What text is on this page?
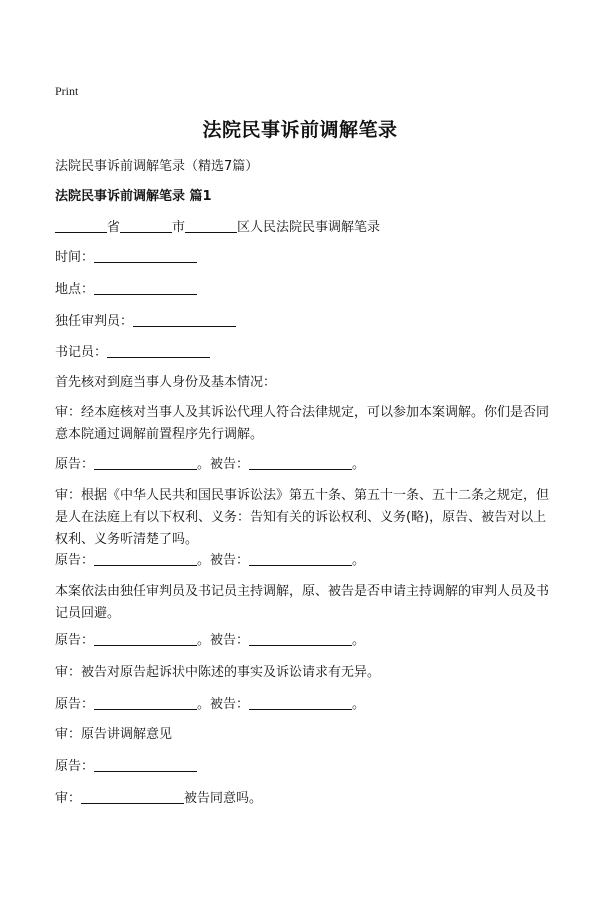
Print
法院民事诉前调解笔录
法院民事诉前调解笔录（精选7篇）
法院民事诉前调解笔录 篇1
省	市	区人民法院民事调解笔录
时间：
地点：
独任审判员：
书记员：
首先核对到庭当事人身份及基本情况：
审：经本庭核对当事人及其诉讼代理人符合法律规定，可以参加本案调解。你们是否同意本院通过调解前置程序先行调解。
原告：	。被告：	。
审：根据《中华人民共和国民事诉讼法》第五十条、第五十一条、五十二条之规定，但是人在法庭上有以下权利、义务：告知有关的诉讼权利、义务(略)，原告、被告对以上权利、义务听清楚了吗。
原告：	。被告：	。
本案依法由独任审判员及书记员主持调解，原、被告是否申请主持调解的审判人员及书记员回避。
原告：	。被告：	。
审：被告对原告起诉状中陈述的事实及诉讼请求有无异。
原告：	。被告：	。
审：原告讲调解意见
原告：
审：	被告同意吗。
